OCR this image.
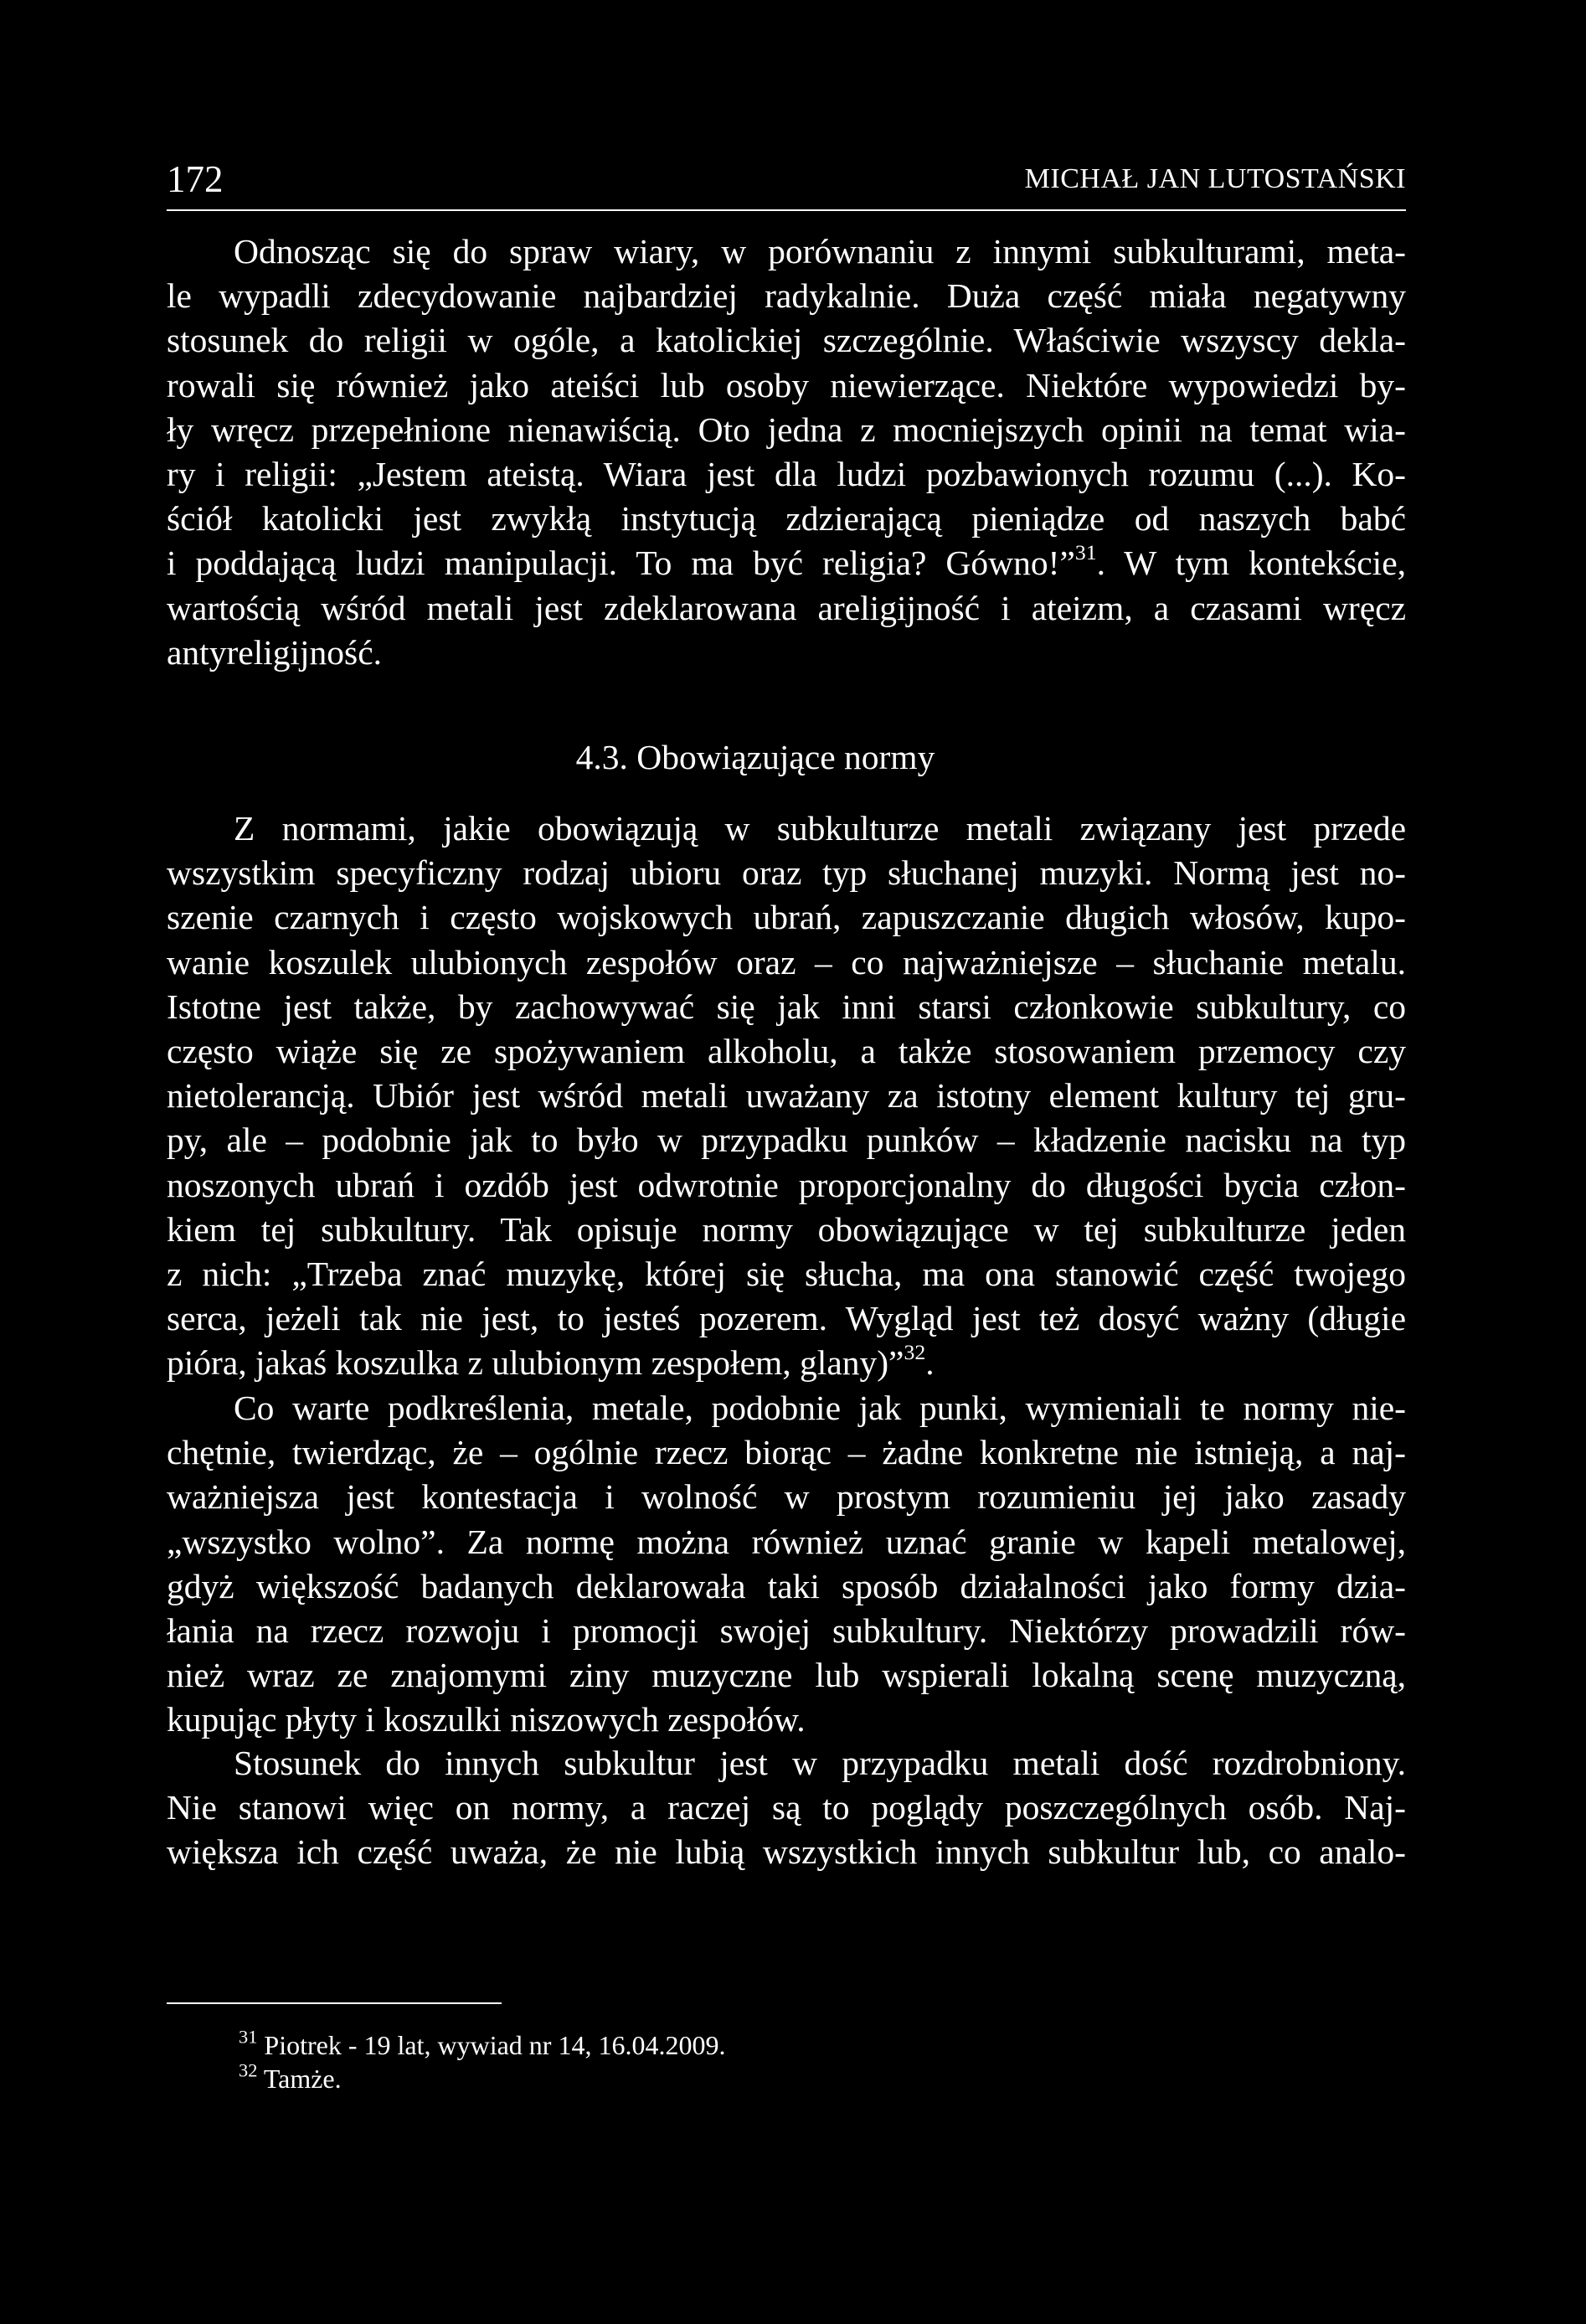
172	MICHAŁ JAN LUTOSTAŃSKI
Odnosząc się do spraw wiary, w porównaniu z innymi subkulturami, meta-
le wypadli zdecydowanie najbardziej radykalnie. Duża część miała negatywny
stosunek do religii w ogóle, a katolickiej szczególnie. Właściwie wszyscy dekla-
rowali się również jako ateiści lub osoby niewierzące. Niektóre wypowiedzi by-
ły wręcz przepełnione nienawiścią. Oto jedna z mocniejszych opinii na temat wia-
ry i religii: „Jestem ateistą. Wiara jest dla ludzi pozbawionych rozumu (...). Ko-
ściół katolicki jest zwykłą instytucją zdzierającą pieniądze od naszych babć
i poddającą ludzi manipulacji. To ma być religia? Gówno!”$^{31}$. W tym kontekście,
wartością wśród metali jest zdeklarowana areligijność i ateizm, a czasami wręcz
antyreligijność.
4.3. Obowiązujące normy
Z normami, jakie obowiązują w subkulturze metali związany jest przede
wszystkim specyficzny rodzaj ubioru oraz typ słuchanej muzyki. Normą jest no-
szenie czarnych i często wojskowych ubrań, zapuszczanie długich włosów, kupo-
wanie koszulek ulubionych zespołów oraz – co najważniejsze – słuchanie metalu.
Istotne jest także, by zachowywać się jak inni starsi członkowie subkultury, co
często wiąże się ze spożywaniem alkoholu, a także stosowaniem przemocy czy
nietolerancją. Ubiór jest wśród metali uważany za istotny element kultury tej gru-
py, ale – podobnie jak to było w przypadku punków – kładzenie nacisku na typ
noszonych ubrań i ozdób jest odwrotnie proporcjonalny do długości bycia człon-
kiem tej subkultury. Tak opisuje normy obowiązujące w tej subkulturze jeden
z nich: „Trzeba znać muzykę, której się słucha, ma ona stanowić część twojego
serca, jeżeli tak nie jest, to jesteś pozerem. Wygląd jest też dosyć ważny (długie
pióra, jakaś koszulka z ulubionym zespołem, glany)”$^{32}$.
Co warte podkreślenia, metale, podobnie jak punki, wymieniali te normy nie-
chętnie, twierdząc, że – ogólnie rzecz biorąc – żadne konkretne nie istnieją, a naj-
ważniejsza jest kontestacja i wolność w prostym rozumieniu jej jako zasady
„wszystko wolno”. Za normę można również uznać granie w kapeli metalowej,
gdyż większość badanych deklarowała taki sposób działalności jako formy dzia-
łania na rzecz rozwoju i promocji swojej subkultury. Niektórzy prowadzili rów-
nież wraz ze znajomymi ziny muzyczne lub wspierali lokalną scenę muzyczną,
kupując płyty i koszulki niszowych zespołów.
Stosunek do innych subkultur jest w przypadku metali dość rozdrobniony.
Nie stanowi więc on normy, a raczej są to poglądy poszczególnych osób. Naj-
większa ich część uważa, że nie lubią wszystkich innych subkultur lub, co analo-
$^{31}$ Piotrek - 19 lat, wywiad nr 14, 16.04.2009.
$^{32}$ Tamże.
